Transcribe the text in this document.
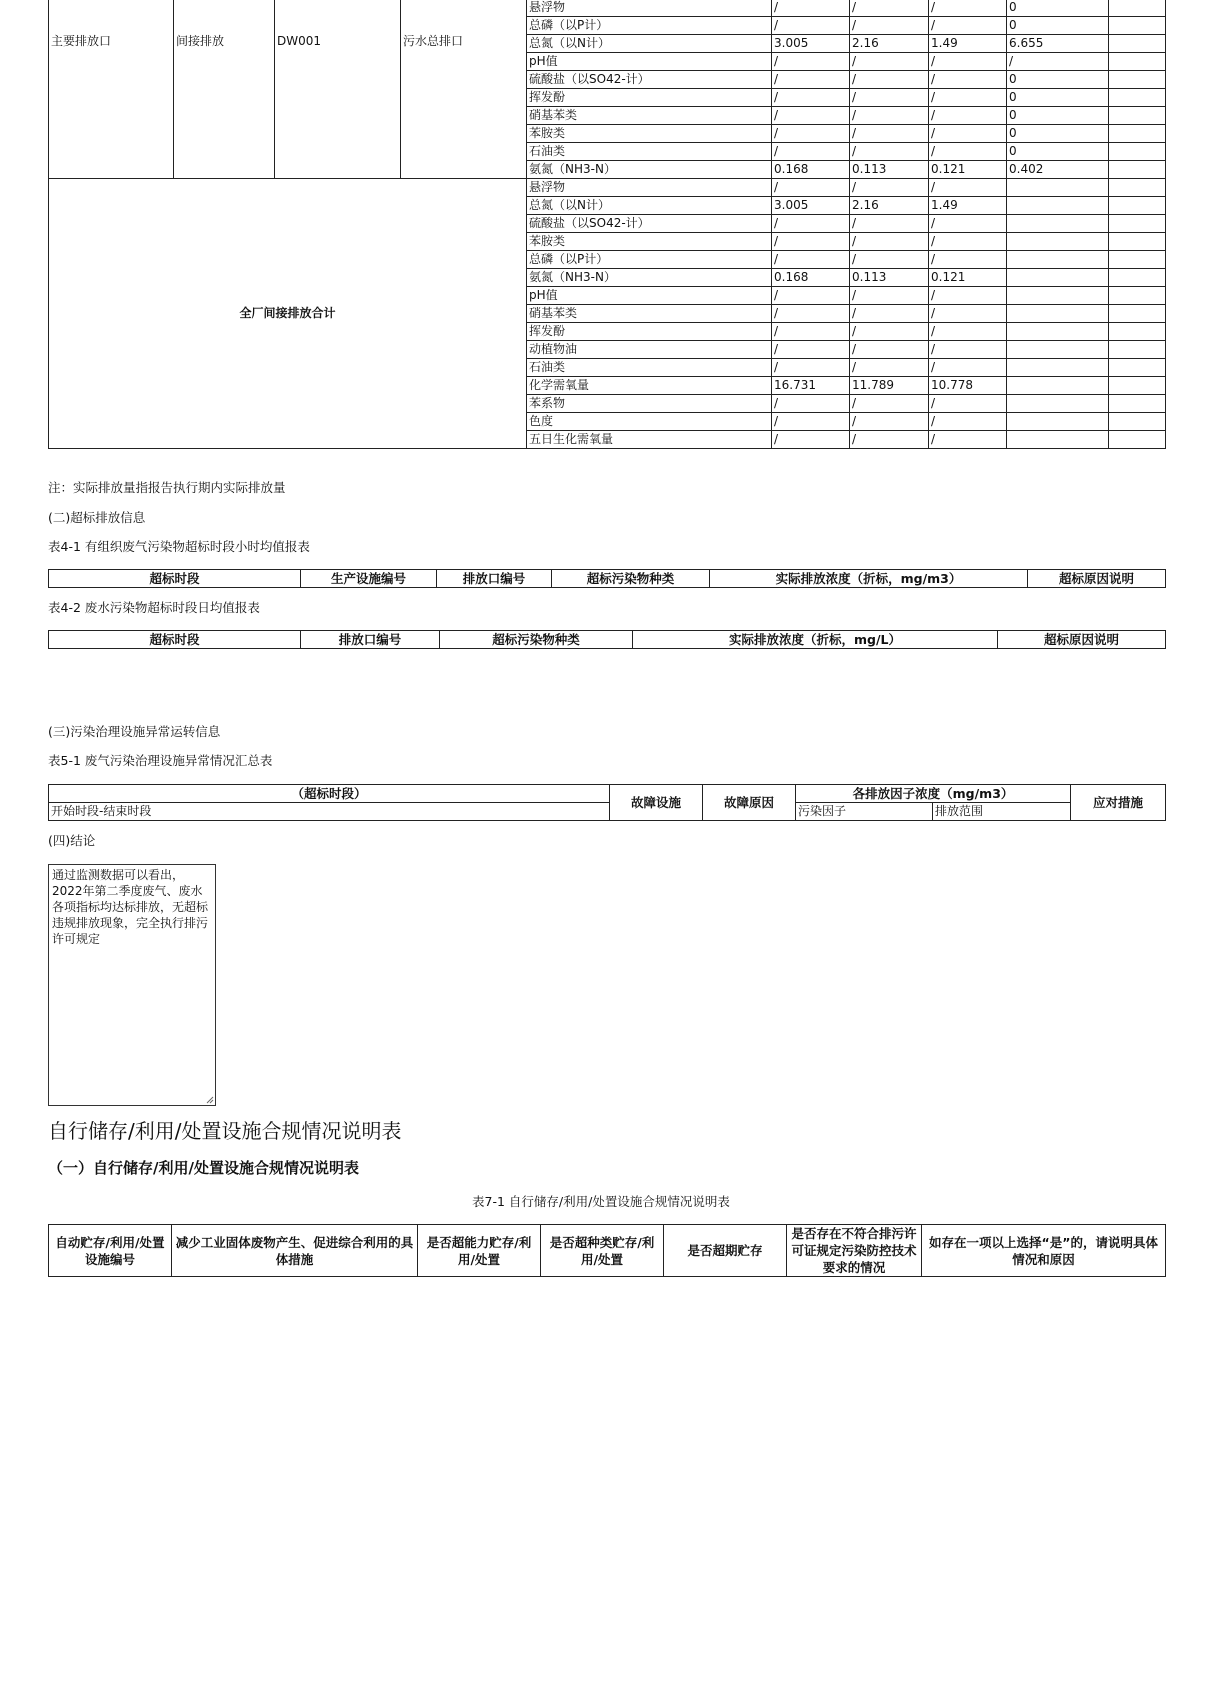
主要排放口	间接排放	DW001	污水总排口	悬浮物	/	/	/	0	
				总磷（以P计）	/	/	/	0	
				总氮（以N计）	3.005	2.16	1.49	6.655	
				pH值	/	/	/	/	
				硫酸盐（以SO42-计）	/	/	/	0	
				挥发酚	/	/	/	0	
				硝基苯类	/	/	/	0	
				苯胺类	/	/	/	0	
				石油类	/	/	/	0	
				氨氮（NH3-N）	0.168	0.113	0.121	0.402	
全厂间接排放合计				悬浮物	/	/	/		
				总氮（以N计）	3.005	2.16	1.49		
				硫酸盐（以SO42-计）	/	/	/		
				苯胺类	/	/	/		
				总磷（以P计）	/	/	/		
				氨氮（NH3-N）	0.168	0.113	0.121		
				pH值	/	/	/		
				硝基苯类	/	/	/		
				挥发酚	/	/	/		
				动植物油	/	/	/		
				石油类	/	/	/		
				化学需氧量	16.731	11.789	10.778		
				苯系物	/	/	/		
				色度	/	/	/		
				五日生化需氧量	/	/	/		
注：实际排放量指报告执行期内实际排放量
(二)超标排放信息
表4-1 有组织废气污染物超标时段小时均值报表
超标时段	生产设施编号	排放口编号	超标污染物种类	实际排放浓度（折标，mg/m3）	超标原因说明
表4-2 废水污染物超标时段日均值报表
超标时段	排放口编号	超标污染物种类	实际排放浓度（折标，mg/L）	超标原因说明
(三)污染治理设施异常运转信息
表5-1 废气污染治理设施异常情况汇总表
（超标时段）	故障设施	故障原因	各排放因子浓度（mg/m3）		应对措施
开始时段-结束时段			污染因子	排放范围	
(四)结论
通过监测数据可以看出，2022年第二季度废气、废水各项指标均达标排放，无超标违规排放现象，完全执行排污许可规定
自行储存/利用/处置设施合规情况说明表
（一）自行储存/利用/处置设施合规情况说明表
表7-1 自行储存/利用/处置设施合规情况说明表
自动贮存/利用/处置设施编号	减少工业固体废物产生、促进综合利用的具体措施	是否超能力贮存/利用/处置	是否超种类贮存/利用/处置	是否超期贮存	是否存在不符合排污许可证规定污染防控技术要求的情况	如存在一项以上选择“是”的，请说明具体情况和原因
